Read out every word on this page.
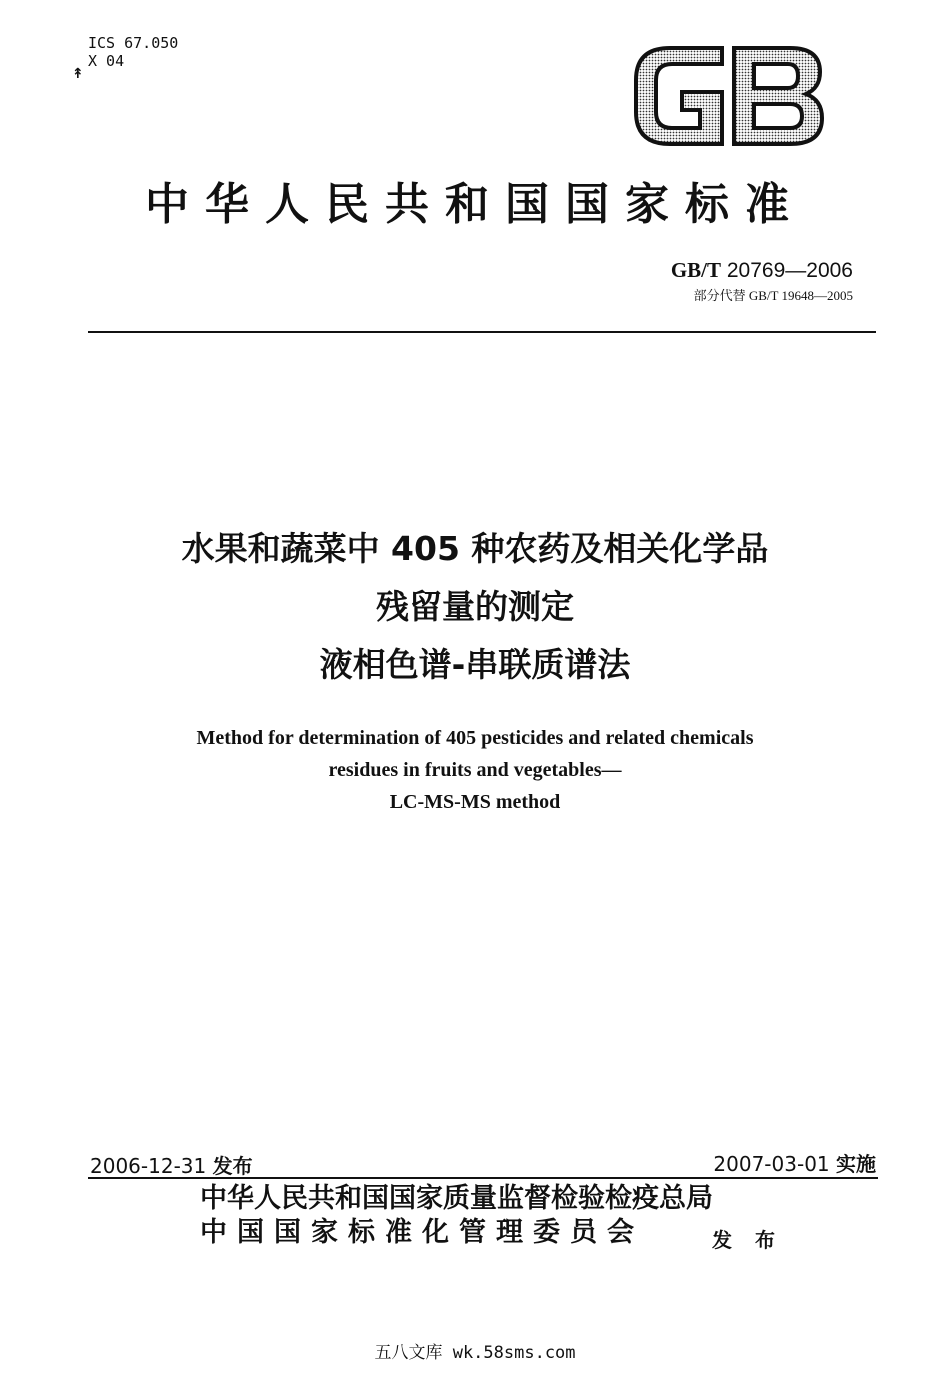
ICS 67.050
X 04
↟
GB
中华人民共和国国家标准
GB/T 20769—2006
部分代替 GB/T 19648—2005
水果和蔬菜中 405 种农药及相关化学品
残留量的测定
液相色谱-串联质谱法
Method for determination of 405 pesticides and related chemicals
residues in fruits and vegetables—
LC-MS-MS method
2006-12-31 发布	2007-03-01 实施
中华人民共和国国家质量监督检验检疫总局
中国国家标准化管理委员会	发 布
五八文库 wk.58sms.com
